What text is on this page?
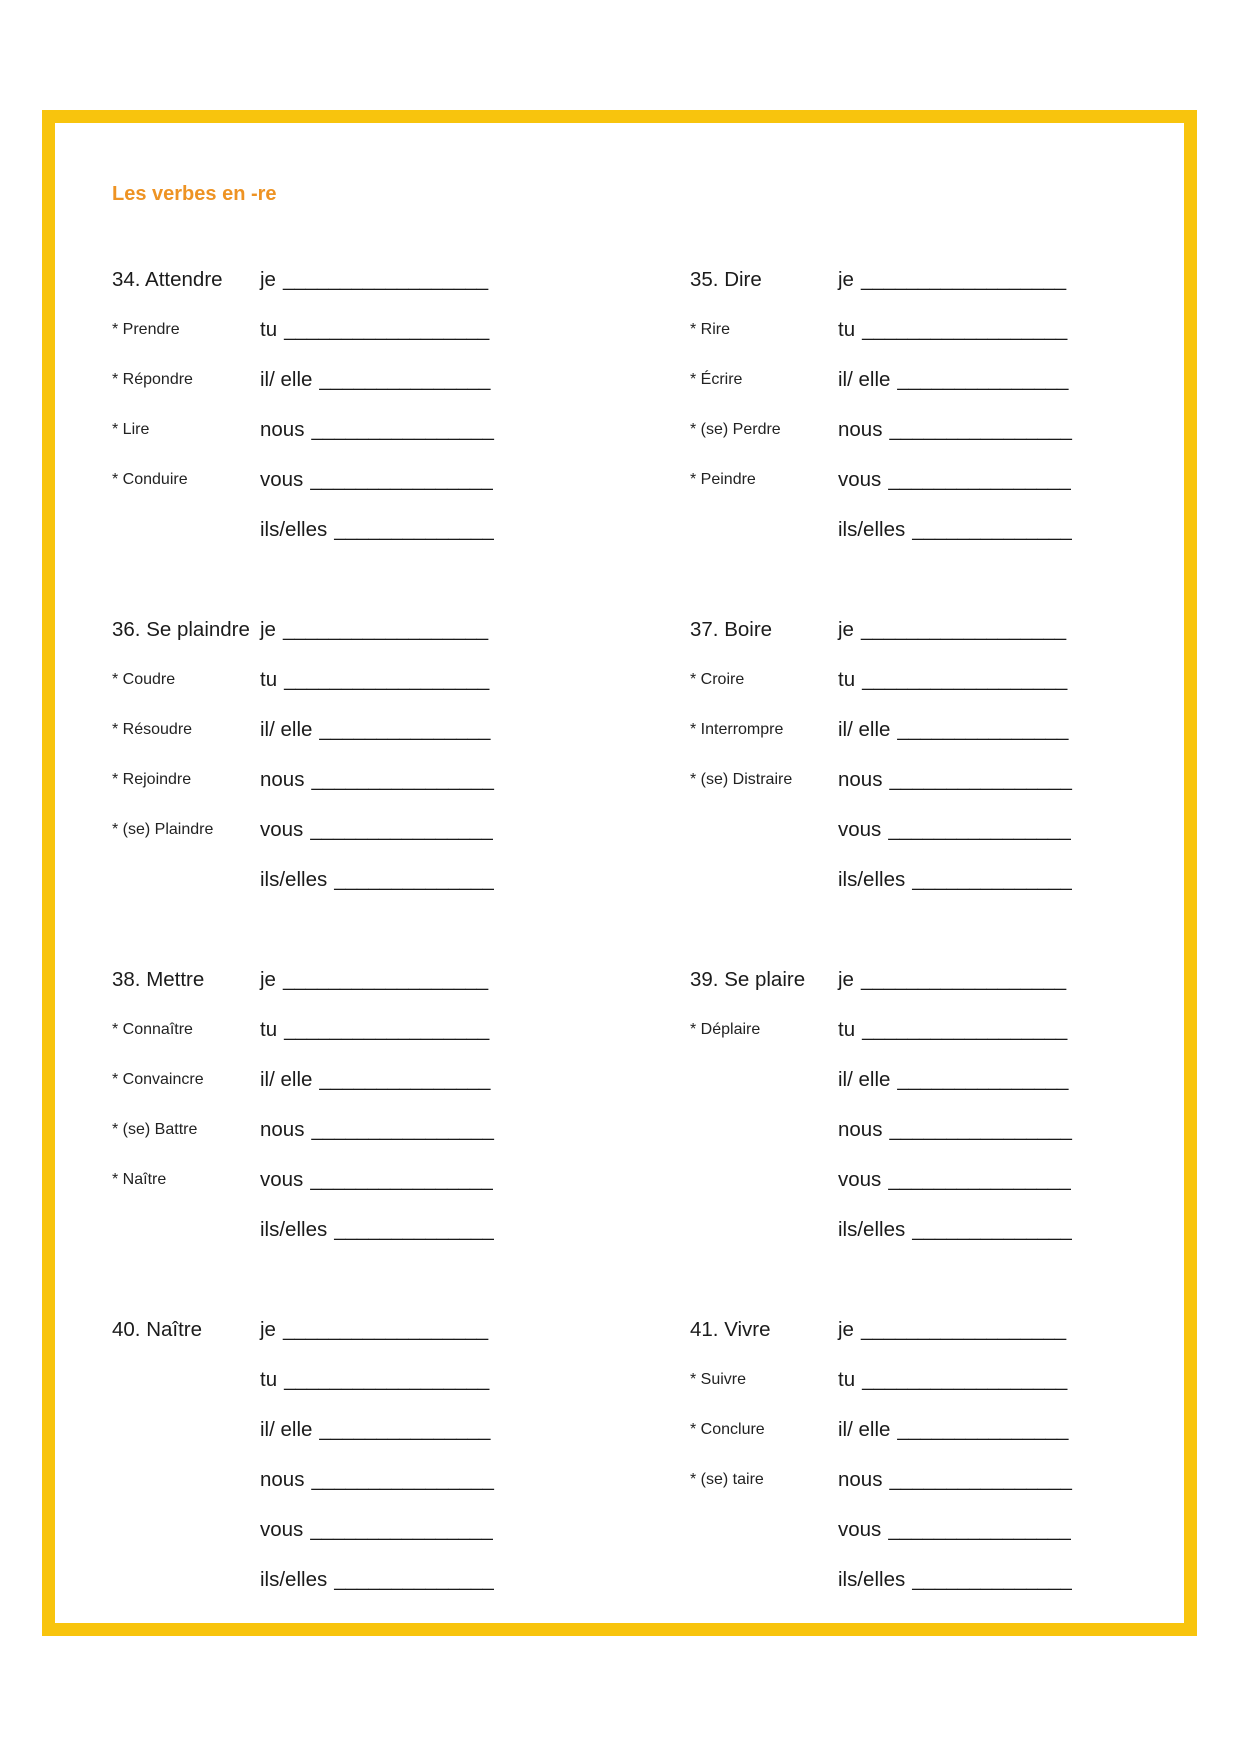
Les verbes en -re
34. Attendre	je __________________
* Prendre	tu __________________
* Répondre	il/ elle _______________
* Lire	nous ________________
* Conduire	vous ________________
ils/elles ______________
35. Dire	je __________________
* Rire	tu __________________
* Écrire	il/ elle _______________
* (se) Perdre	nous ________________
* Peindre	vous ________________
ils/elles ______________
36. Se plaindre je __________________
* Coudre	tu __________________
* Résoudre	il/ elle _______________
* Rejoindre	nous ________________
* (se) Plaindre	vous ________________
ils/elles ______________
37. Boire	je __________________
* Croire	tu __________________
* Interrompre	il/ elle _______________
* (se) Distraire	nous ________________
vous ________________
ils/elles ______________
38. Mettre	je __________________
* Connaître	tu __________________
* Convaincre	il/ elle _______________
* (se) Battre	nous ________________
* Naître	vous ________________
ils/elles ______________
39. Se plaire	je __________________
* Déplaire	tu __________________
il/ elle _______________
nous ________________
vous ________________
ils/elles ______________
40. Naître	je __________________
tu __________________
il/ elle _______________
nous ________________
vous ________________
ils/elles ______________
41. Vivre	je __________________
* Suivre	tu __________________
* Conclure	il/ elle _______________
* (se) taire	nous ________________
vous ________________
ils/elles ______________
